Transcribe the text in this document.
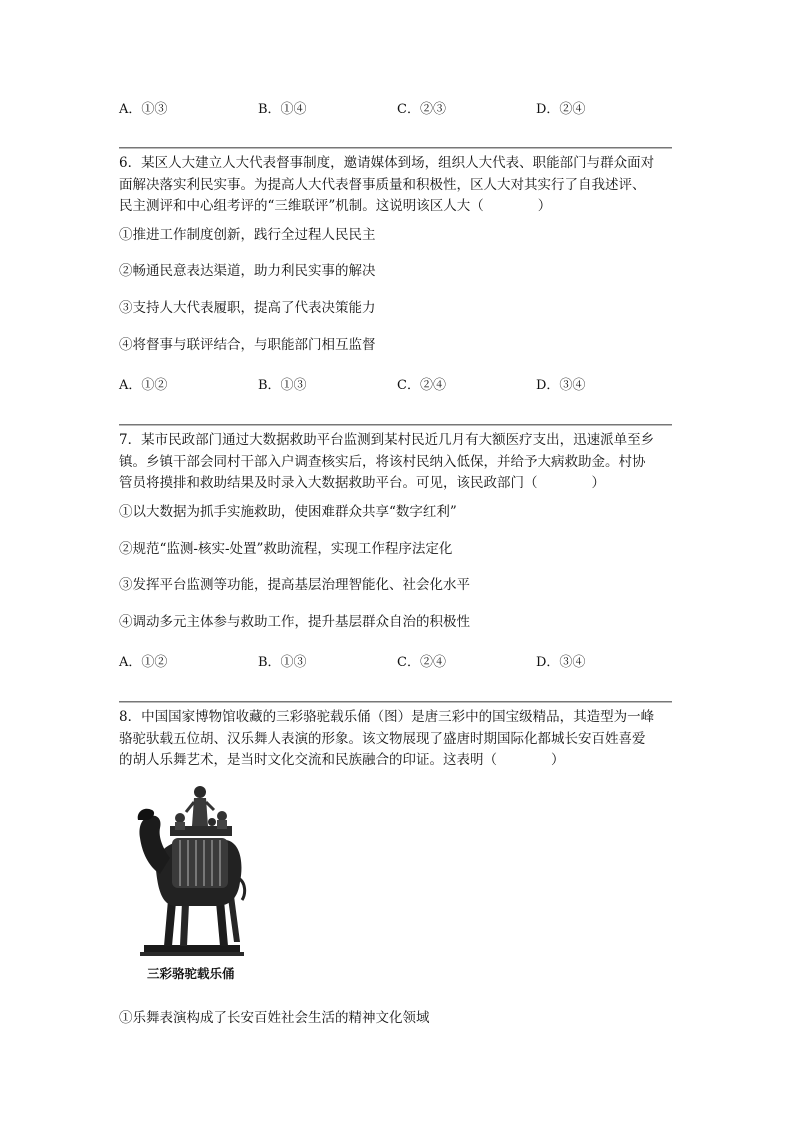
A．①③	B．①④	C．②③	D．②④
6．某区人大建立人大代表督事制度，邀请媒体到场，组织人大代表、职能部门与群众面对
面解决落实利民实事。为提高人大代表督事质量和积极性，区人大对其实行了自我述评、
民主测评和中心组考评的“三维联评”机制。这说明该区人大（　　　　）
①推进工作制度创新，践行全过程人民民主
②畅通民意表达渠道，助力利民实事的解决
③支持人大代表履职，提高了代表决策能力
④将督事与联评结合，与职能部门相互监督
A．①②	B．①③	C．②④	D．③④
7．某市民政部门通过大数据救助平台监测到某村民近几月有大额医疗支出，迅速派单至乡
镇。乡镇干部会同村干部入户调查核实后，将该村民纳入低保，并给予大病救助金。村协
管员将摸排和救助结果及时录入大数据救助平台。可见，该民政部门（　　　　）
①以大数据为抓手实施救助，使困难群众共享“数字红利”
②规范“监测-核实-处置”救助流程，实现工作程序法定化
③发挥平台监测等功能，提高基层治理智能化、社会化水平
④调动多元主体参与救助工作，提升基层群众自治的积极性
A．①②	B．①③	C．②④	D．③④
8．中国国家博物馆收藏的三彩骆驼载乐俑（图）是唐三彩中的国宝级精品，其造型为一峰
骆驼驮载五位胡、汉乐舞人表演的形象。该文物展现了盛唐时期国际化都城长安百姓喜爱
的胡人乐舞艺术，是当时文化交流和民族融合的印证。这表明（　　　　）
三彩骆驼载乐俑
①乐舞表演构成了长安百姓社会生活的精神文化领域
